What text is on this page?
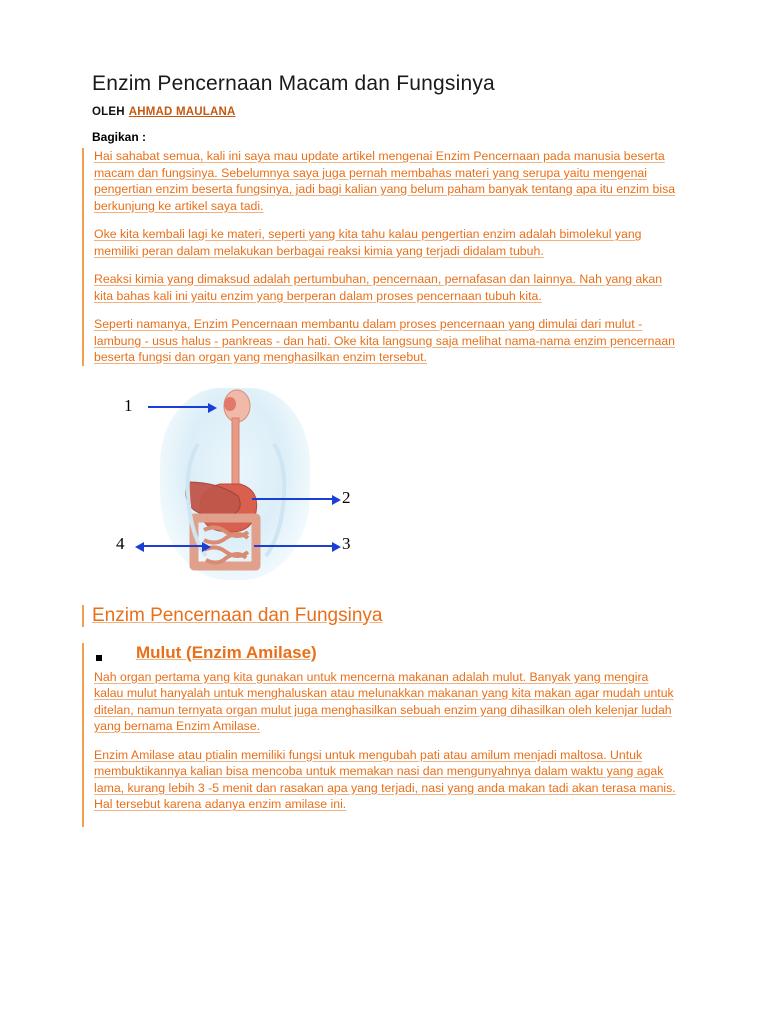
Enzim Pencernaan Macam dan Fungsinya
OLEH AHMAD MAULANA
Bagikan :

Hai sahabat semua, kali ini saya mau update artikel mengenai Enzim Pencernaan pada manusia beserta macam dan fungsinya. Sebelumnya saya juga pernah membahas materi yang serupa yaitu mengenai pengertian enzim beserta fungsinya, jadi bagi kalian yang belum paham banyak tentang apa itu enzim bisa berkunjung ke artikel saya tadi.

Oke kita kembali lagi ke materi, seperti yang kita tahu kalau pengertian enzim adalah bimolekul yang memiliki peran dalam melakukan berbagai reaksi kimia yang terjadi didalam tubuh.

Reaksi kimia yang dimaksud adalah pertumbuhan, pencernaan, pernafasan dan lainnya. Nah yang akan kita bahas kali ini yaitu enzim yang berperan dalam proses pencernaan tubuh kita.

Seperti namanya, Enzim Pencernaan membantu dalam proses pencernaan yang dimulai dari mulut - lambung - usus halus - pankreas - dan hati. Oke kita langsung saja melihat nama-nama enzim pencernaan beserta fungsi dan organ yang menghasilkan enzim tersebut.

1
2
4	3
Enzim Pencernaan dan Fungsinya
Mulut (Enzim Amilase)

Nah organ pertama yang kita gunakan untuk mencerna makanan adalah mulut. Banyak yang mengira kalau mulut hanyalah untuk menghaluskan atau melunakkan makanan yang kita makan agar mudah untuk ditelan, namun ternyata organ mulut juga menghasilkan sebuah enzim yang dihasilkan oleh kelenjar ludah yang bernama Enzim Amilase.

Enzim Amilase atau ptialin memiliki fungsi untuk mengubah pati atau amilum menjadi maltosa. Untuk membuktikannya kalian bisa mencoba untuk memakan nasi dan mengunyahnya dalam waktu yang agak lama, kurang lebih 3 -5 menit dan rasakan apa yang terjadi, nasi yang anda makan tadi akan terasa manis. Hal tersebut karena adanya enzim amilase ini.
